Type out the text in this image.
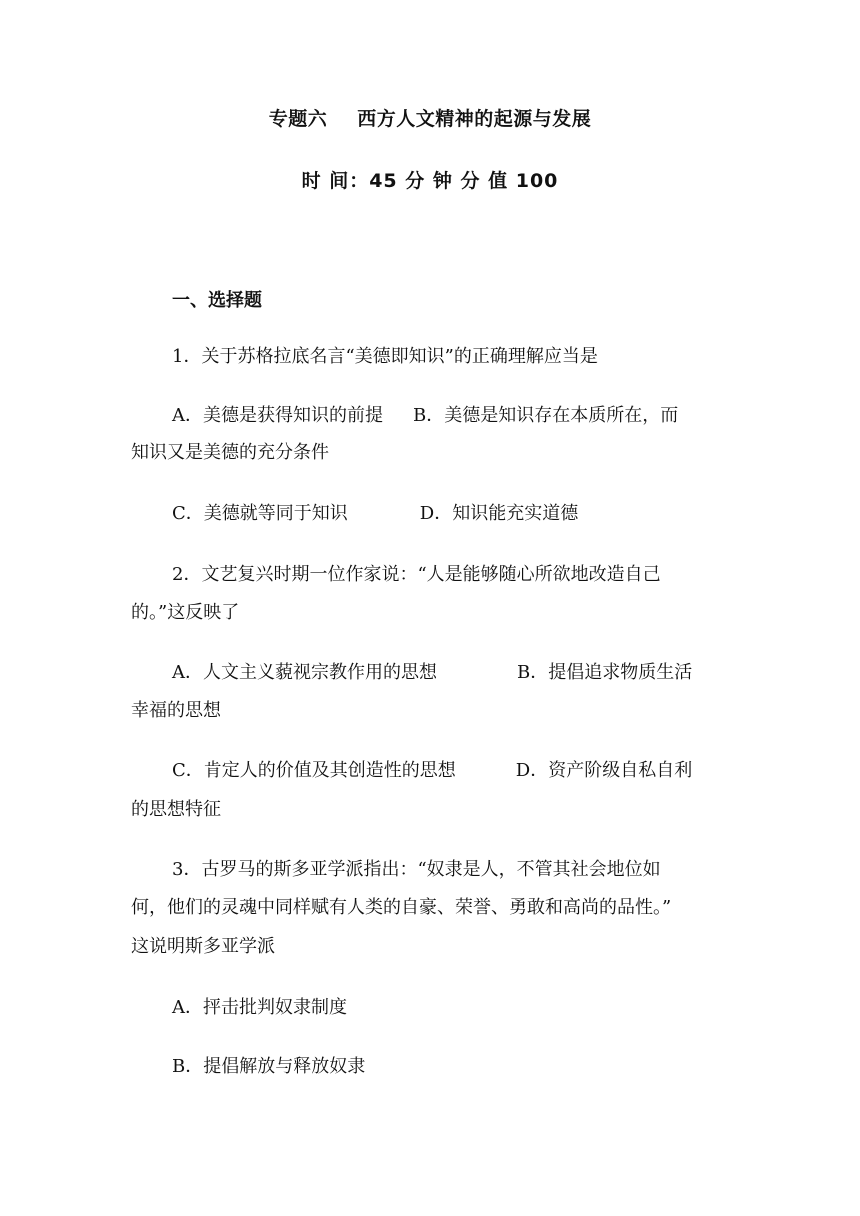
专题六 西方人文精神的起源与发展
时 间：45 分 钟 分 值 100
一、选择题
1．关于苏格拉底名言“美德即知识”的正确理解应当是
A．美德是获得知识的前提 B．美德是知识存在本质所在，而
知识又是美德的充分条件
C．美德就等同于知识	D．知识能充实道德
2．文艺复兴时期一位作家说：“人是能够随心所欲地改造自己
的。”这反映了
A．人文主义藐视宗教作用的思想	B．提倡追求物质生活
幸福的思想
C．肯定人的价值及其创造性的思想	D．资产阶级自私自利
的思想特征
3．古罗马的斯多亚学派指出：“奴隶是人，不管其社会地位如
何，他们的灵魂中同样赋有人类的自豪、荣誉、勇敢和高尚的品性。”
这说明斯多亚学派
A．抨击批判奴隶制度
B．提倡解放与释放奴隶
